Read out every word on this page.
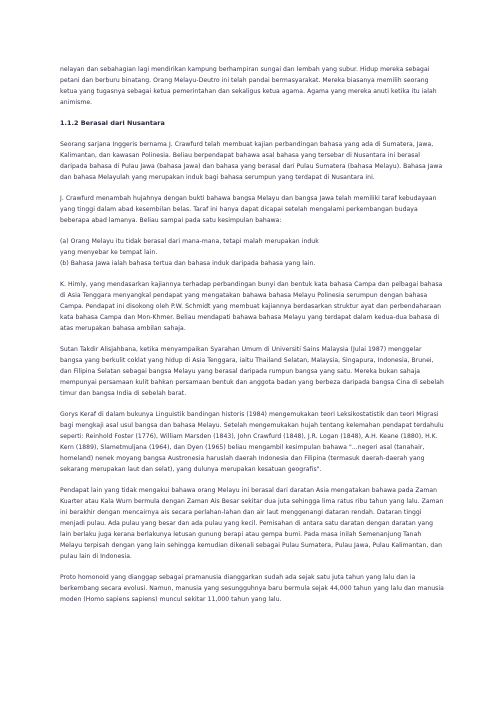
nelayan dan sebahagian lagi mendirikan kampung berhampiran sungai dan lembah yang subur. Hidup mereka sebagai petani dan berburu binatang. Orang Melayu-Deutro ini telah pandai bermasyarakat. Mereka biasanya memilih seorang ketua yang tugasnya sebagai ketua pemerintahan dan sekaligus ketua agama. Agama yang mereka anuti ketika itu ialah animisme.

1.1.2 Berasal dari Nusantara

Seorang sarjana Inggeris bernama J. Crawfurd telah membuat kajian perbandingan bahasa yang ada di Sumatera, Jawa, Kalimantan, dan kawasan Polinesia. Beliau berpendapat bahawa asal bahasa yang tersebar di Nusantara ini berasal daripada bahasa di Pulau Jawa (bahasa Jawa) dan bahasa yang berasal dari Pulau Sumatera (bahasa Melayu). Bahasa Jawa dan bahasa Melayulah yang merupakan induk bagi bahasa serumpun yang terdapat di Nusantara ini.

J. Crawfurd menambah hujahnya dengan bukti bahawa bangsa Melayu dan bangsa Jawa telah memiliki taraf kebudayaan yang tinggi dalam abad kesembilan belas. Taraf ini hanya dapat dicapai setelah mengalami perkembangan budaya beberapa abad lamanya. Beliau sampai pada satu kesimpulan bahawa:

(a) Orang Melayu itu tidak berasal dari mana-mana, tetapi malah merupakan induk

yang menyebar ke tempat lain.

(b) Bahasa Jawa ialah bahasa tertua dan bahasa induk daripada bahasa yang lain.

K. Himly, yang mendasarkan kajiannya terhadap perbandingan bunyi dan bentuk kata bahasa Campa dan pelbagai bahasa di Asia Tenggara menyangkal pendapat yang mengatakan bahawa bahasa Melayu Polinesia serumpun dengan bahasa Campa. Pendapat ini disokong oleh P.W. Schmidt yang membuat kajiannya berdasarkan struktur ayat dan perbendaharaan kata bahasa Campa dan Mon-Khmer. Beliau mendapati bahawa bahasa Melayu yang terdapat dalam kedua-dua bahasa di atas merupakan bahasa ambilan sahaja.

Sutan Takdir Alisjahbana, ketika menyampaikan Syarahan Umum di Universiti Sains Malaysia (Julai 1987) menggelar bangsa yang berkulit coklat yang hidup di Asia Tenggara, iaitu Thailand Selatan, Malaysia, Singapura, Indonesia, Brunei, dan Filipina Selatan sebagai bangsa Melayu yang berasal daripada rumpun bangsa yang satu. Mereka bukan sahaja mempunyai persamaan kulit bahkan persamaan bentuk dan anggota badan yang berbeza daripada bangsa Cina di sebelah timur dan bangsa India di sebelah barat.

Gorys Keraf di dalam bukunya Linguistik bandingan historis (1984) mengemukakan teori Leksikostatistik dan teori Migrasi bagi mengkaji asal usul bangsa dan bahasa Melayu. Setelah mengemukakan hujah tentang kelemahan pendapat terdahulu seperti: Reinhold Foster (1776), William Marsden (1843), John Crawfurd (1848), J.R. Logan (1848), A.H. Keane (1880), H.K. Kern (1889), Slametmuljana (1964), dan Dyen (1965) beliau mengambil kesimpulan bahawa "...negeri asal (tanahair, homeland) nenek moyang bangsa Austronesia haruslah daerah Indonesia dan Filipina (termasuk daerah-daerah yang sekarang merupakan laut dan selat), yang dulunya merupakan kesatuan geografis".

Pendapat lain yang tidak mengakui bahawa orang Melayu ini berasal dari daratan Asia mengatakan bahawa pada Zaman Kuarter atau Kala Wurn bermula dengan Zaman Ais Besar sekitar dua juta sehingga lima ratus ribu tahun yang lalu. Zaman ini berakhir dengan mencairnya ais secara perlahan-lahan dan air laut menggenangi dataran rendah. Dataran tinggi menjadi pulau. Ada pulau yang besar dan ada pulau yang kecil. Pemisahan di antara satu daratan dengan daratan yang lain berlaku juga kerana berlakunya letusan gunung berapi atau gempa bumi. Pada masa inilah Semenanjung Tanah Melayu terpisah dengan yang lain sehingga kemudian dikenali sebagai Pulau Sumatera, Pulau Jawa, Pulau Kalimantan, dan pulau lain di Indonesia.

Proto homonoid yang dianggap sebagai pramanusia dianggarkan sudah ada sejak satu juta tahun yang lalu dan ia berkembang secara evolusi. Namun, manusia yang sesungguhnya baru bermula sejak 44,000 tahun yang lalu dan manusia moden (Homo sapiens sapiens) muncul sekitar 11,000 tahun yang lalu.
